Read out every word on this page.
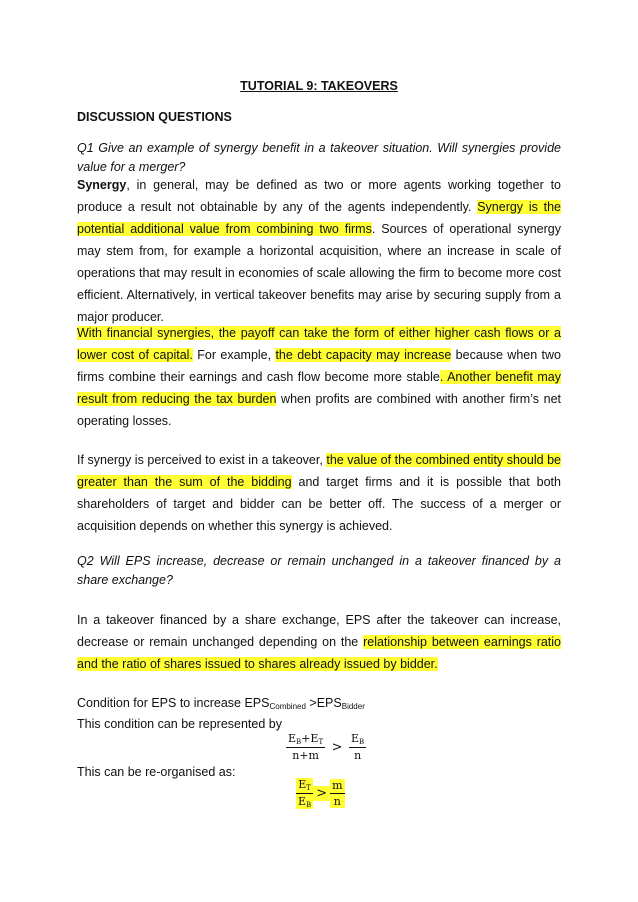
TUTORIAL 9: TAKEOVERS
DISCUSSION QUESTIONS
Q1 Give an example of synergy benefit in a takeover situation. Will synergies provide value for a merger?
Synergy, in general, may be defined as two or more agents working together to produce a result not obtainable by any of the agents independently. Synergy is the potential additional value from combining two firms. Sources of operational synergy may stem from, for example a horizontal acquisition, where an increase in scale of operations that may result in economies of scale allowing the firm to become more cost efficient. Alternatively, in vertical takeover benefits may arise by securing supply from a major producer.
With financial synergies, the payoff can take the form of either higher cash flows or a lower cost of capital. For example, the debt capacity may increase because when two firms combine their earnings and cash flow become more stable. Another benefit may result from reducing the tax burden when profits are combined with another firm’s net operating losses.
If synergy is perceived to exist in a takeover, the value of the combined entity should be greater than the sum of the bidding and target firms and it is possible that both shareholders of target and bidder can be better off. The success of a merger or acquisition depends on whether this synergy is achieved.
Q2 Will EPS increase, decrease or remain unchanged in a takeover financed by a share exchange?
In a takeover financed by a share exchange, EPS after the takeover can increase, decrease or remain unchanged depending on the relationship between earnings ratio and the ratio of shares issued to shares already issued by bidder.
Condition for EPS to increase $EPS_{Combined} >EPS_{Bidder}$
This condition can be represented by
$\frac{E_B+E_T}{n+m} > \frac{E_B}{n}$
This can be re-organised as:
$\frac{E_T}{E_B} > \frac{m}{n}$
